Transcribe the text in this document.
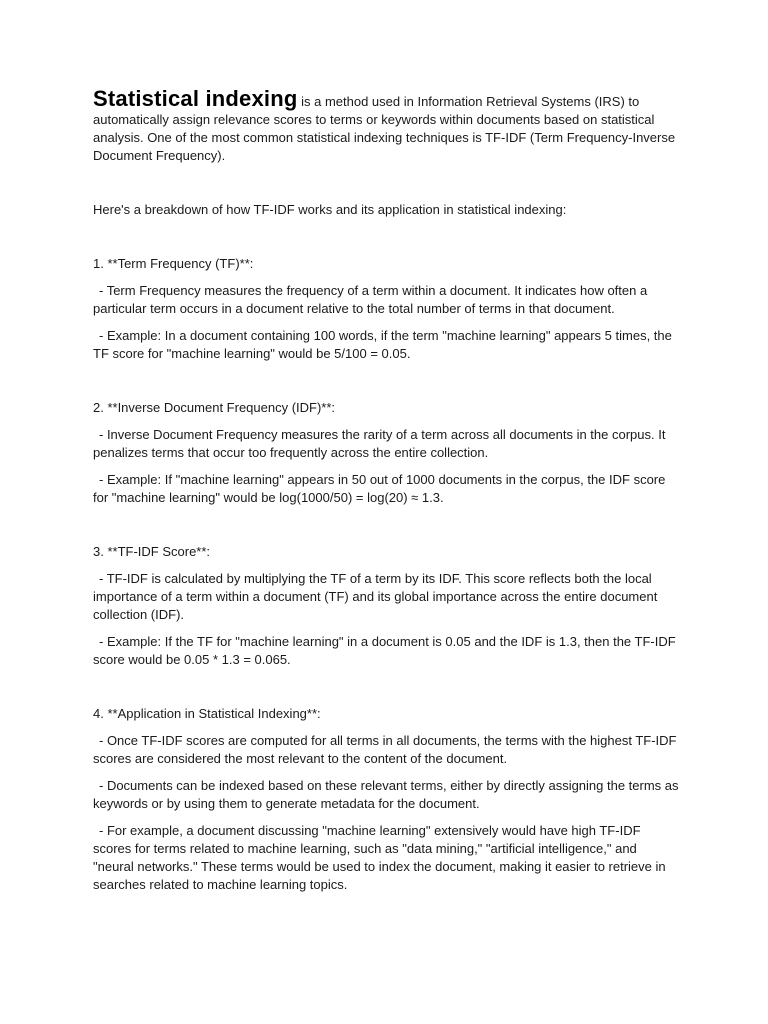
Statistical indexing is a method used in Information Retrieval Systems (IRS) to automatically assign relevance scores to terms or keywords within documents based on statistical analysis. One of the most common statistical indexing techniques is TF-IDF (Term Frequency-Inverse Document Frequency).

Here's a breakdown of how TF-IDF works and its application in statistical indexing:

1. **Term Frequency (TF)**:

- Term Frequency measures the frequency of a term within a document. It indicates how often a particular term occurs in a document relative to the total number of terms in that document.

- Example: In a document containing 100 words, if the term "machine learning" appears 5 times, the TF score for "machine learning" would be 5/100 = 0.05.

2. **Inverse Document Frequency (IDF)**:

- Inverse Document Frequency measures the rarity of a term across all documents in the corpus. It penalizes terms that occur too frequently across the entire collection.

- Example: If "machine learning" appears in 50 out of 1000 documents in the corpus, the IDF score for "machine learning" would be log(1000/50) = log(20) ≈ 1.3.

3. **TF-IDF Score**:

- TF-IDF is calculated by multiplying the TF of a term by its IDF. This score reflects both the local importance of a term within a document (TF) and its global importance across the entire document collection (IDF).

- Example: If the TF for "machine learning" in a document is 0.05 and the IDF is 1.3, then the TF-IDF score would be 0.05 * 1.3 = 0.065.

4. **Application in Statistical Indexing**:

- Once TF-IDF scores are computed for all terms in all documents, the terms with the highest TF-IDF scores are considered the most relevant to the content of the document.

- Documents can be indexed based on these relevant terms, either by directly assigning the terms as keywords or by using them to generate metadata for the document.

- For example, a document discussing "machine learning" extensively would have high TF-IDF scores for terms related to machine learning, such as "data mining," "artificial intelligence," and "neural networks." These terms would be used to index the document, making it easier to retrieve in searches related to machine learning topics.
